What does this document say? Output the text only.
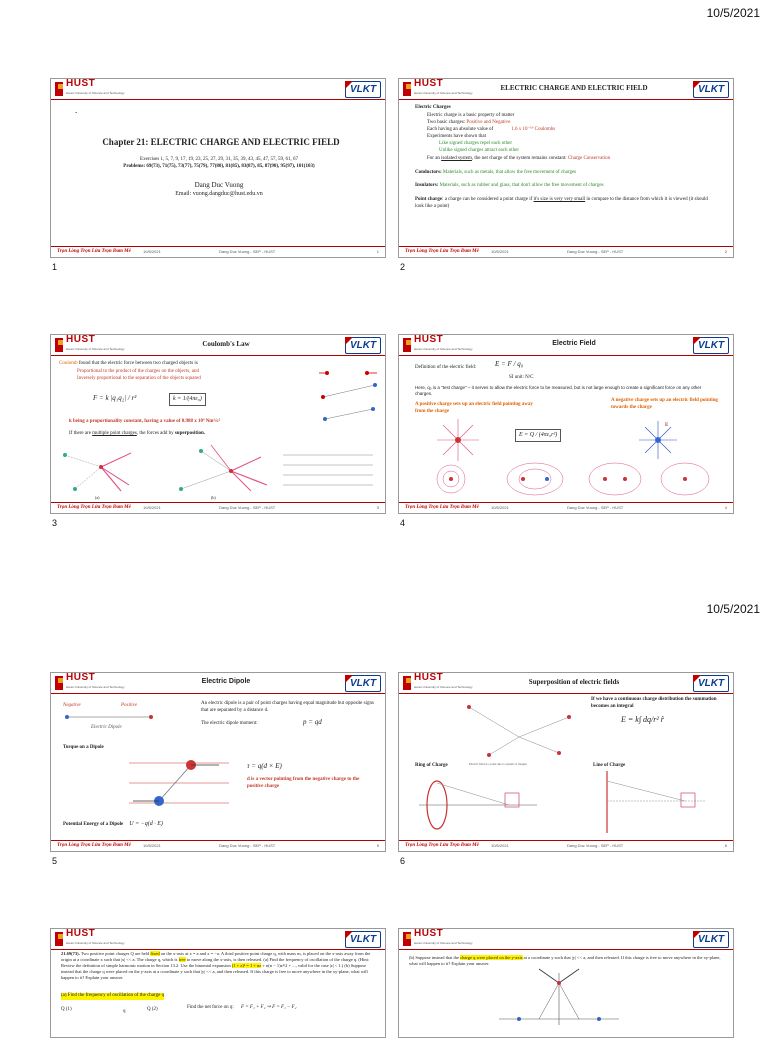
10/5/2021
10/5/2021
HUST
Hanoi University of Science and Technology	VLKT
.
Chapter 21: ELECTRIC CHARGE AND ELECTRIC FIELD
Exercises 1, 5, 7, 9, 17, 19, 23, 25, 27, 29, 31, 35, 39, 43, 45, 47, 57, 59, 61, 67
Problems: 69(73), 71(75), 73(77), 75(79), 77(80), 81(85), 83(87), 85, 87(90), 95(97), 101(103)
Dang Duc Vuong
Email: vuong.dangduc@hust.edu.vn
Trọn Lòng Trọn Lửa Trọn Đam Mê	10/5/2021	Dang Duc Vuong - SEP - HUST	1
1
HUST
Hanoi University of Science and Technology
ELECTRIC CHARGE AND ELECTRIC FIELD	VLKT
Electric Charges
Electric charge is a basic property of matter
Two basic charges: Positive and Negative
Each having an absolute value of	1.6 x 10⁻¹⁹ Coulombs
Experiments have shown that
Like signed charges repel each other
Unlike signed charges attract each other
For an isolated system, the net charge of the system remains constant: Charge Conservation
Conductors: Materials, such as metals, that allow the free movement of charges
Insulators: Materials, such as rubber and glass, that don't allow the free movement of charges
Point charge: a charge can be considered a point charge if it's size is very very small in compare to the distance from which it is viewed (it should look like a point)
Trọn Lòng Trọn Lửa Trọn Đam Mê	10/5/2021	Dang Duc Vuong - SEP - HUST	2
2
HUST
Hanoi University of Science and Technology
Coulomb's Law	VLKT
Coulomb found that the electric force between two charged objects is
Proportional to the product of the charges on the objects, and
Inversely proportional to the separation of the objects squared
F = k |q₁q₂| / r²	k = 1/(4πε₀)
k being a proportionality constant, having a value of 8.988 x 10⁹ Nm²/c²
If there are multiple point charges, the forces add by superposition.
(a)	(b)
Trọn Lòng Trọn Lửa Trọn Đam Mê	10/5/2021	Dang Duc Vuong - SEP - HUST	3
3
HUST
Hanoi University of Science and Technology
Electric Field	VLKT
Definition of the electric field:	E = F / q₀
SI unit: N/C
Here, q₀ is a "test charge" – it serves to allow the electric force to be measured, but is not large enough to create a significant force on any other charges.
A positive charge sets up an electric field pointing away from the charge
A negative charge sets up an electric field pointing towards the charge
E = Q / (4πε₀r²)
E
Trọn Lòng Trọn Lửa Trọn Đam Mê	10/5/2021	Dang Duc Vuong - SEP - HUST	4
4
HUST
Hanoi University of Science and Technology
Electric Dipole	VLKT
Negative	Positive
Electric Dipole
An electric dipole is a pair of point charges having equal magnitude but opposite signs that are separated by a distance d.
The electric dipole moment:	p = qd
Torque on a Dipole
τ = q(d × E)
d is a vector pointing from the negative charge to the positive charge
Potential Energy of a Dipole U = −q(d · E)
Trọn Lòng Trọn Lửa Trọn Đam Mê	10/5/2021	Dang Duc Vuong - SEP - HUST	5
5
HUST
Hanoi University of Science and Technology
Superposition of electric fields	VLKT
Electric field at a point due to system of charges
If we have a continuous charge distribution the summation becomes an integral
E = k∫ dq/r² r̂
Ring of Charge	Line of Charge
Trọn Lòng Trọn Lửa Trọn Đam Mê	10/5/2021	Dang Duc Vuong - SEP - HUST	6
6
HUST
Hanoi University of Science and Technology	VLKT
21.69(73). Two positive point charges Q are held fixed on the x-axis at x = a and x = −a. A third positive point charge q, with mass m, is placed on the x-axis away from the origin at a coordinate x such that |x| << a. The charge q, which is free to move along the x-axis, is then released. (a) Find the frequency of oscillation of the charge q. (Hint: Review the definition of simple harmonic motion in Section 13.2. Use the binomial expansion (1 + z)ⁿ = 1 + nz + n(n − 1)z²/2 + ..., valid for the case |z| < 1.) (b) Suppose instead that the charge q were placed on the y-axis at a coordinate y such that |y| << a, and then released. If this charge is free to move anywhere in the xy-plane, what will happen to it? Explain your answer.
(a) Find the frequency of oscillation of the charge q
Q (1)	q	Q (2)	Find the net force on q: F = F₁ + F₂ ⇒ F = F₁ − F₂
HUST
Hanoi University of Science and Technology	VLKT
(b) Suppose instead that the charge q were placed on the y-axis at a coordinate y such that |y| << a, and then released. If this charge is free to move anywhere in the xy-plane, what will happen to it? Explain your answer.
